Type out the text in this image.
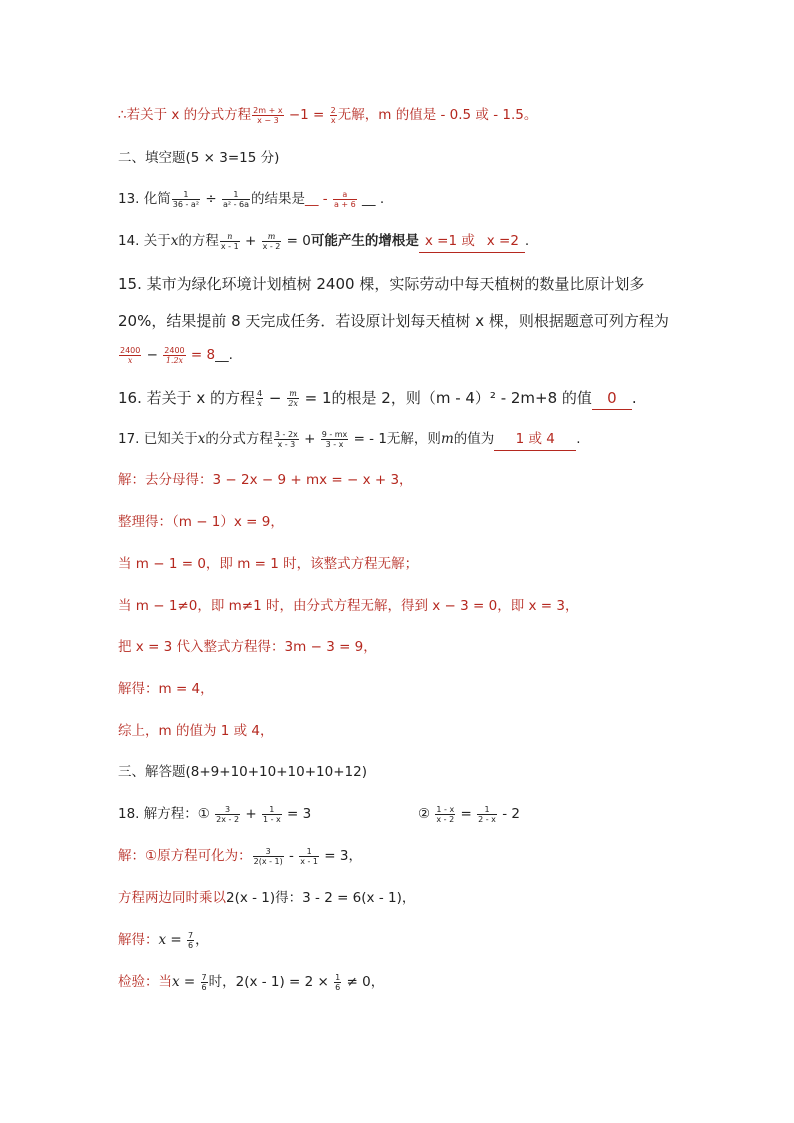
∴若关于 x 的分式方程 $\frac{2m + x}{x - 3} -1 = \frac{2}{x}$ 无解，m 的值是 - 0.5 或 - 1.5。
二、填空题(5 × 3=15 分)
13. 化简 $\frac{1}{\text{36 - a²}} \div \frac{1}{\text{a² - 6a}}$ 的结果是__ - $\frac{a}{a + 6}$ __ .
14. 关于x的方程 $\frac{n}{x - 1} + \frac{m}{x - 2} = 0$可能产生的增根是 x =1 或 x =2 .
15. 某市为绿化环境计划植树 2400 棵，实际劳动中每天植树的数量比原计划多
20%，结果提前 8 天完成任务．若设原计划每天植树 x 棵，则根据题意可列方程为
$\frac{2400}{x} - \frac{2400}{1.2x}$ = 8__.
16. 若关于 x 的方程 $\frac{4}{x} - \frac{m}{2x} = 1$的根是 2，则（m - 4）² - 2m+8 的值 0 .
17. 已知关于x的分式方程 $\frac{3 - 2x}{x - 3} + \frac{9 - mx}{3 - x}$ = - 1无解，则m的值为 1 或 4 .
解：去分母得：3 − 2x − 9 + mx = − x + 3，
整理得：（m − 1）x = 9，
当 m − 1 = 0，即 m = 1 时，该整式方程无解；
当 m − 1≠0，即 m≠1 时，由分式方程无解，得到 x − 3 = 0，即 x = 3，
把 x = 3 代入整式方程得：3m − 3 = 9，
解得：m = 4，
综上，m 的值为 1 或 4，
三、解答题(8+9+10+10+10+10+12)
18. 解方程：① $\frac{3}{2x - 2} + \frac{1}{1 - x} = 3$	② $\frac{1 - x}{x - 2} = \frac{1}{2 - x} - 2$
解：①原方程可化为： $\frac{3}{2(x - 1)} - \frac{1}{x - 1} = 3$，
方程两边同时乘以2(x - 1)得：3 - 2 = 6(x - 1)，
解得：$x = \frac{7}{6}$ ，
检验：当$x = \frac{7}{6}$ 时，$2(x - 1) = 2 \times \frac{1}{6} \ne 0$，
